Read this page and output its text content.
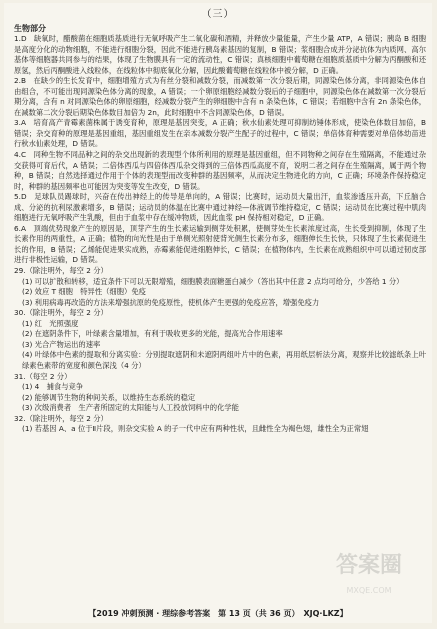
（三）

生物部分

1.D　缺氧时，醋酸菌在细胞质基质进行无氧呼吸产生二氧化碳和酒精，并释放少量能量，产生少量 ATP，A 错误；胰岛 B 细胞是高度分化的动物细胞，不能进行细胞分裂，因此不能进行胰岛素基因的复制，B 错误；浆细胞合成并分泌抗体为内质网、高尔基体等细胞器共同参与的结果，体现了生物膜具有一定的流动性，C 错误；真核细胞中葡萄糖在细胞质基质中分解为丙酮酸和还原氢，然后丙酮酸进入线粒体，在线粒体中彻底氧化分解，因此酸葡萄糖在线粒体中被分解，D 正确。

2.B　在缺少的生长发育中，细胞增殖方式为有丝分裂和减数分裂，而减数第一次分裂后期，同源染色体分离，非同源染色体自由组合，不可能出现同源染色体分离的现象，A 错误；一个卵原细胞经减数分裂后的子细胞中，同源染色体在减数第一次分裂后期分离，含有 n 对同源染色体的卵原细胞，经减数分裂产生的卵细胞中含有 n 条染色体，C 错误；若细胞中含有 2n 条染色体，在减数第二次分裂后期染色体数目加倍为 2n，此时细胞中不含同源染色体，D 错误。

3.A　培育高产青霉素菌株属于诱变育种，原理是基因突变，A 正确；秋水仙素处理可抑制纺锤体形成，使染色体数目加倍，B 错误；杂交育种的原理是基因重组，基因重组发生在亲本减数分裂产生配子的过程中，C 错误；单倍体育种需要对单倍体幼苗进行秋水仙素处理，D 错误。

4.C　同种生物不同品种之间的杂交出现新的表现型个体所利用的原理是基因重组，但不同物种之间存在生殖隔离，不能通过杂交获得可育后代，A 错误；二倍体西瓜与四倍体西瓜杂交得到的三倍体西瓜高度不育，说明二者之间存在生殖隔离，属于两个物种，B 错误；自然选择通过作用于个体的表现型而改变种群的基因频率，从而决定生物进化的方向，C 正确；环境条件保持稳定时，种群的基因频率也可能因为突变等发生改变，D 错误。

5.D　足球队员踢球时，兴奋在传出神经上的传导是单向的，A 错误；比赛时，运动员大量出汗，血浆渗透压升高，下丘脑合成、分泌的抗利尿激素增多，B 错误；运动员的体温在比赛中通过神经—体液调节维持稳定，C 错误；运动员在比赛过程中肌肉细胞进行无氧呼吸产生乳酸，但由于血浆中存在缓冲物质，因此血浆 pH 保持相对稳定，D 正确。

6.A　顶端优势现象产生的原因是，顶芽产生的生长素运输到侧芽处积累，使侧芽处生长素浓度过高，生长受到抑制，体现了生长素作用的两重性，A 正确；植物的向光性是由于单侧光照射使背光侧生长素分布多，细胞伸长生长快，只体现了生长素促进生长的作用，B 错误；乙烯能促进果实成熟，赤霉素能促进细胞伸长，C 错误；在植物体内，生长素在成熟组织中可以通过韧皮部进行非极性运输，D 错误。

29.（除注明外，每空 2 分）

(1) 可以扩散和转移，适宜条件下可以无限增殖，细胞膜表面糖蛋白减少（答出其中任意 2 点均可给分，少答给 1 分）

(2) 效应 T 细胞　特异性（细胞）免疫

(3) 利用病毒再改造的方法来增强抗原的免疫原性，使机体产生更强的免疫应答，增强免疫力

30.（除注明外，每空 2 分）

(1) 红　光照强度

(2) 在遮阴条件下，叶绿素含量增加，有利于吸收更多的光能，提高光合作用速率

(3) 光合产物运出的速率

(4) 叶绿体中色素的提取和分离实验：分别提取遮阴和未遮阴两组叶片中的色素，再用纸层析法分离，观察并比较滤纸条上叶绿素色素带的宽度和颜色深浅（4 分）

31.（每空 2 分）

(1) 4　捕食与竞争

(2) 能够调节生物的种间关系，以维持生态系统的稳定

(3) 次级消费者　生产者所固定的太阳能与人工投放饲料中的化学能

32.（除注明外，每空 2 分）

(1) 若基因 A、a 位于Ⅱ片段，则杂交实验 A 的子一代中应有两种性状，且雌性全为褐色翅，雄性全为正常翅

答案圈
MXQE.COM
【2019 冲刺预测 · 理综参考答案　第 13 页（共 36 页）　XJQ·LKZ】
